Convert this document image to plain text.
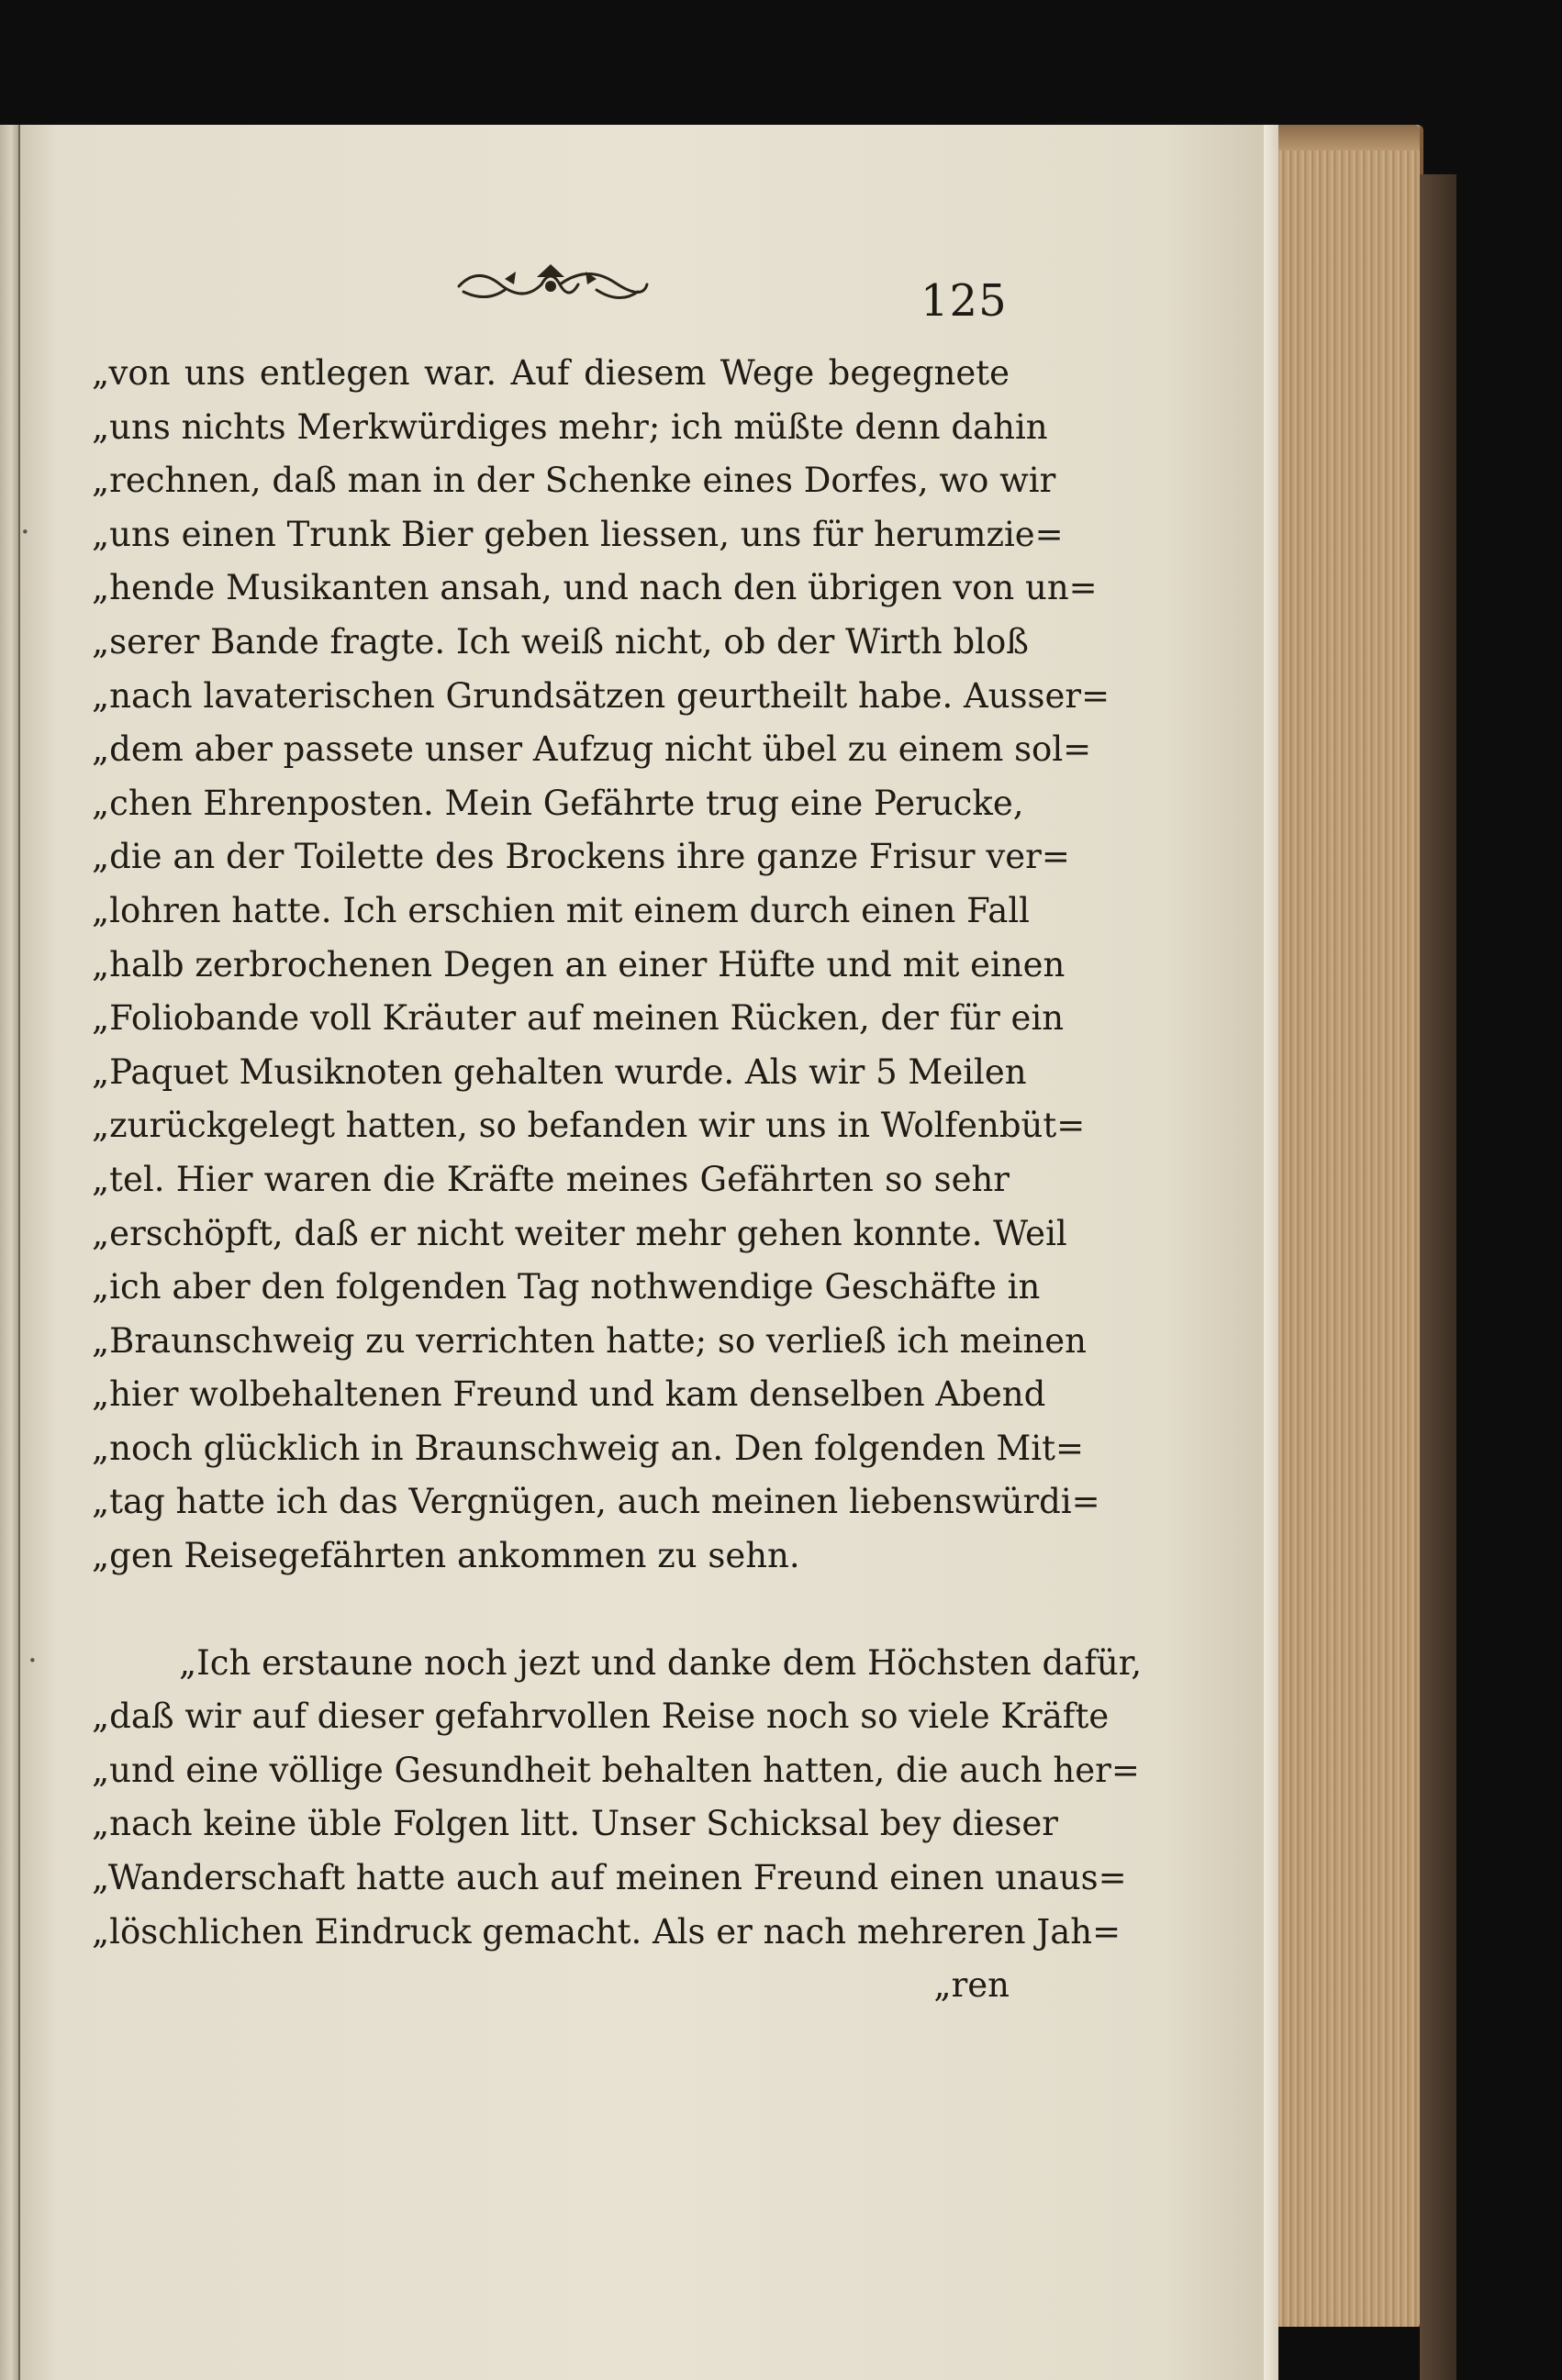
125
·
·
„von uns entlegen war. Auf diesem Wege begegnete
„uns nichts Merkwürdiges mehr; ich müßte denn dahin
„rechnen, daß man in der Schenke eines Dorfes, wo wir
„uns einen Trunk Bier geben liessen, uns für herumzie=
„hende Musikanten ansah, und nach den übrigen von un=
„serer Bande fragte. Ich weiß nicht, ob der Wirth bloß
„nach lavaterischen Grundsätzen geurtheilt habe. Ausser=
„dem aber passete unser Aufzug nicht übel zu einem sol=
„chen Ehrenposten. Mein Gefährte trug eine Perucke,
„die an der Toilette des Brockens ihre ganze Frisur ver=
„lohren hatte. Ich erschien mit einem durch einen Fall
„halb zerbrochenen Degen an einer Hüfte und mit einen
„Foliobande voll Kräuter auf meinen Rücken, der für ein
„Paquet Musiknoten gehalten wurde. Als wir 5 Meilen
„zurückgelegt hatten, so befanden wir uns in Wolfenbüt=
„tel. Hier waren die Kräfte meines Gefährten so sehr
„erschöpft, daß er nicht weiter mehr gehen konnte. Weil
„ich aber den folgenden Tag nothwendige Geschäfte in
„Braunschweig zu verrichten hatte; so verließ ich meinen
„hier wolbehaltenen Freund und kam denselben Abend
„noch glücklich in Braunschweig an. Den folgenden Mit=
„tag hatte ich das Vergnügen, auch meinen liebenswürdi=
„gen Reisegefährten ankommen zu sehn.
„Ich erstaune noch jezt und danke dem Höchsten dafür,
„daß wir auf dieser gefahrvollen Reise noch so viele Kräfte
„und eine völlige Gesundheit behalten hatten, die auch her=
„nach keine üble Folgen litt. Unser Schicksal bey dieser
„Wanderschaft hatte auch auf meinen Freund einen unaus=
„löschlichen Eindruck gemacht. Als er nach mehreren Jah=
„ren
